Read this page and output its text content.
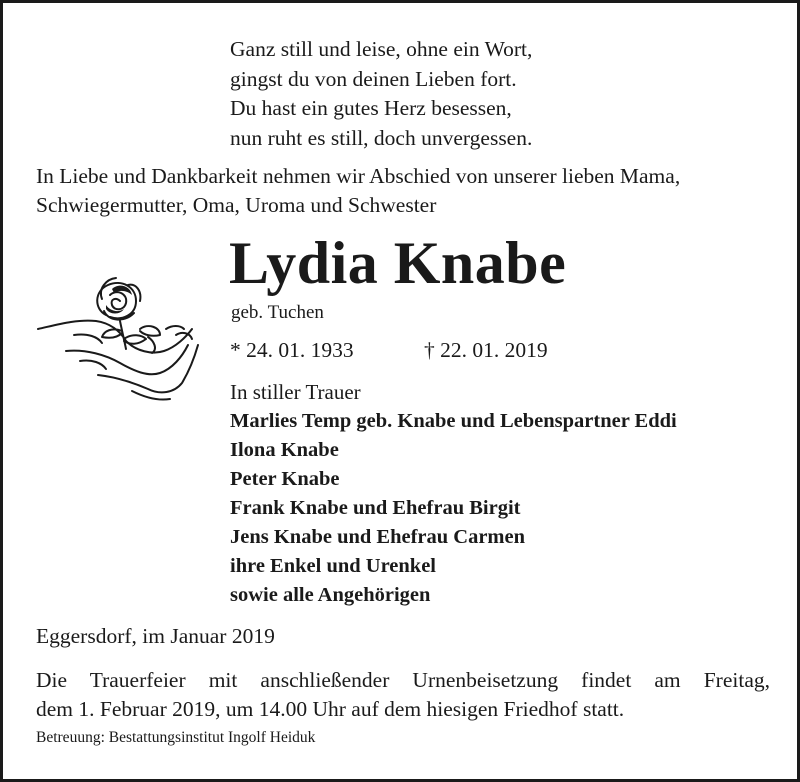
Ganz still und leise, ohne ein Wort,
gingst du von deinen Lieben fort.
Du hast ein gutes Herz besessen,
nun ruht es still, doch unvergessen.
In Liebe und Dankbarkeit nehmen wir Abschied von unserer lieben Mama,
Schwiegermutter, Oma, Uroma und Schwester
Lydia Knabe
geb. Tuchen
* 24. 01. 1933	† 22. 01. 2019
In stiller Trauer
Marlies Temp geb. Knabe und Lebenspartner Eddi
Ilona Knabe
Peter Knabe
Frank Knabe und Ehefrau Birgit
Jens Knabe und Ehefrau Carmen
ihre Enkel und Urenkel
sowie alle Angehörigen
Eggersdorf, im Januar 2019
Die Trauerfeier mit anschließender Urnenbeisetzung findet am Freitag,
dem 1. Februar 2019, um 14.00 Uhr auf dem hiesigen Friedhof statt.
Betreuung: Bestattungsinstitut Ingolf Heiduk
